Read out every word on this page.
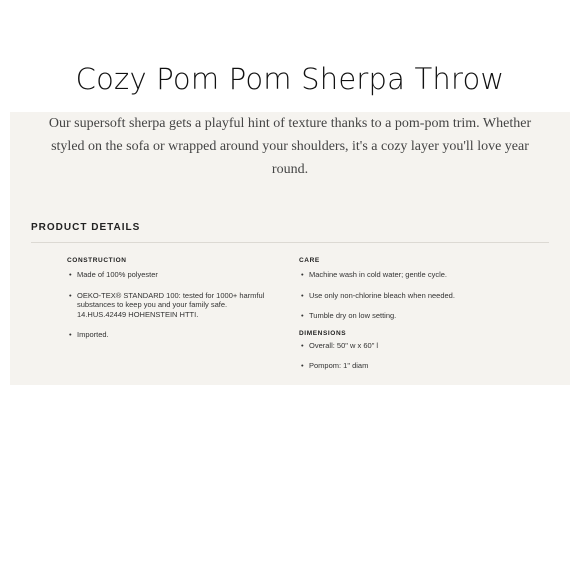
Cozy Pom Pom Sherpa Throw

Our supersoft sherpa gets a playful hint of texture thanks to a pom-pom trim. Whether styled on the sofa or wrapped around your shoulders, it's a cozy layer you'll love year round.

PRODUCT DETAILS
CONSTRUCTION
• Made of 100% polyester
• OEKO-TEX® STANDARD 100: tested for 1000+ harmful substances to keep you and your family safe. 14.HUS.42449 HOHENSTEIN HTTI.
• Imported.
CARE
• Machine wash in cold water; gentle cycle.
• Use only non-chlorine bleach when needed.
• Tumble dry on low setting.
DIMENSIONS
• Overall: 50" w x 60" l
• Pompom: 1" diam
